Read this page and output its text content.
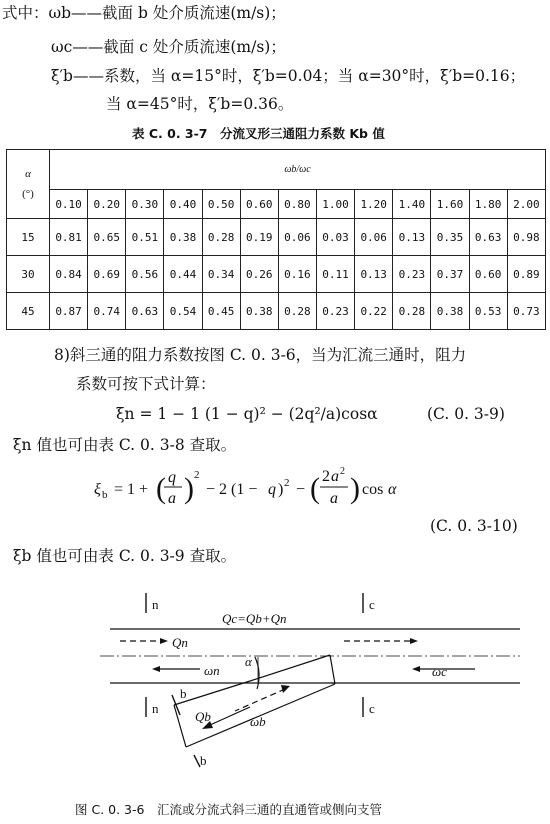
式中：ωb——截面 b 处介质流速(m/s)；
ωc——截面 c 处介质流速(m/s)；
ξ′b——系数，当 α=15°时，ξ′b=0.04；当 α=30°时，ξ′b=0.16；
当 α=45°时，ξ′b=0.36。
表 C. 0. 3-7　分流叉形三通阻力系数 Kb 值
α
(°)	ωb/ωc												
	0.10	0.20	0.30	0.40	0.50	0.60	0.80	1.00	1.20	1.40	1.60	1.80	2.00
15	0.81	0.65	0.51	0.38	0.28	0.19	0.06	0.03	0.06	0.13	0.35	0.63	0.98
30	0.84	0.69	0.56	0.44	0.34	0.26	0.16	0.11	0.13	0.23	0.37	0.60	0.89
45	0.87	0.74	0.63	0.54	0.45	0.38	0.28	0.23	0.22	0.28	0.38	0.53	0.73
8)斜三通的阻力系数按图 C. 0. 3-6，当为汇流三通时，阻力
系数可按下式计算：
ξn = 1 − 1 (1 − q)² − (2q²/a)cosα	(C. 0. 3-9)
ξn 值也可由表 C. 0. 3-8 查取。
ξ b = 1 + ( q
a ) 2
− 2 (1 − q ) 2 − ( 2 a 2
a ) cos α
(C. 0. 3-10)
ξb 值也可由表 C. 0. 3-9 查取。
n
n
c
c
b
b
Qc=Qb+Qn
Qn
Qb
ωn	ωc
ωb
α
图 C. 0. 3-6　汇流或分流式斜三通的直通管或侧向支管
